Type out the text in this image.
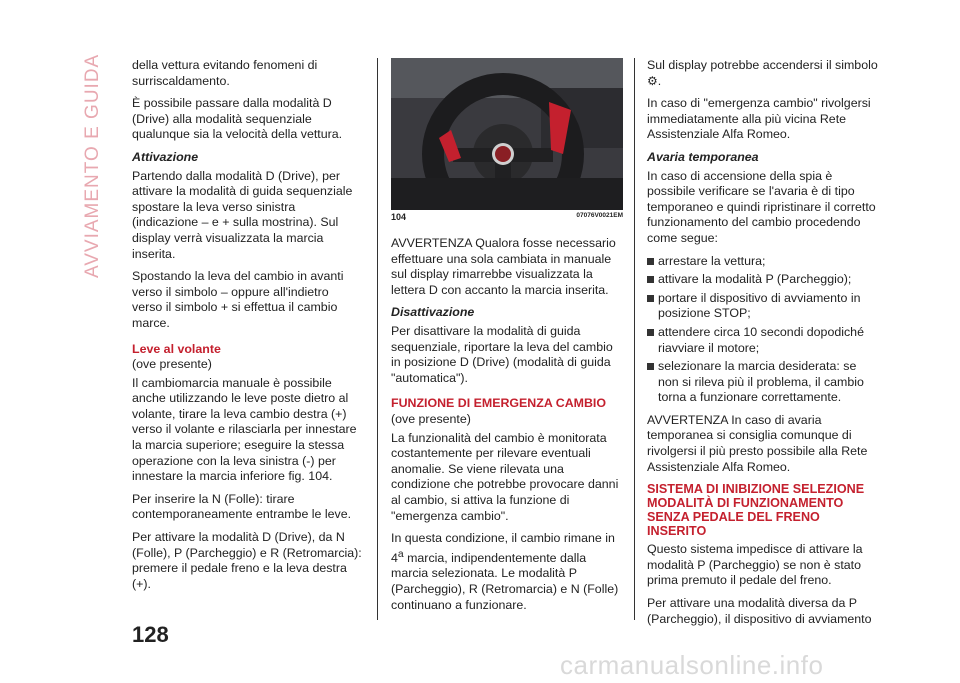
AVVIAMENTO E GUIDA della vettura evitando fenomeni di surriscaldamento.

È possibile passare dalla modalità D (Drive) alla modalità sequenziale qualunque sia la velocità della vettura.

Attivazione

Partendo dalla modalità D (Drive), per attivare la modalità di guida sequenziale spostare la leva verso sinistra (indicazione – e + sulla mostrina). Sul display verrà visualizzata la marcia inserita.

Spostando la leva del cambio in avanti verso il simbolo – oppure all'indietro verso il simbolo + si effettua il cambio marce.

Leve al volante

(ove presente)

Il cambiomarcia manuale è possibile anche utilizzando le leve poste dietro al volante, tirare la leva cambio destra (+) verso il volante e rilasciarla per innestare la marcia superiore; eseguire la stessa operazione con la leva sinistra (-) per innestare la marcia inferiore fig. 104.

Per inserire la N (Folle): tirare contemporaneamente entrambe le leve.

Per attivare la modalità D (Drive), da N (Folle), P (Parcheggio) e R (Retromarcia): premere il pedale freno e la leva destra (+).

104	07076V0021EM

AVVERTENZA Qualora fosse necessario effettuare una sola cambiata in manuale sul display rimarrebbe visualizzata la lettera D con accanto la marcia inserita.

Disattivazione

Per disattivare la modalità di guida sequenziale, riportare la leva del cambio in posizione D (Drive) (modalità di guida "automatica").

FUNZIONE DI EMERGENZA CAMBIO

(ove presente)

La funzionalità del cambio è monitorata costantemente per rilevare eventuali anomalie. Se viene rilevata una condizione che potrebbe provocare danni al cambio, si attiva la funzione di "emergenza cambio".

In questa condizione, il cambio rimane in 4$^a$ marcia, indipendentemente dalla marcia selezionata. Le modalità P (Parcheggio), R (Retromarcia) e N (Folle) continuano a funzionare.

Sul display potrebbe accendersi il simbolo ⚙.

In caso di "emergenza cambio" rivolgersi immediatamente alla più vicina Rete Assistenziale Alfa Romeo.

Avaria temporanea

In caso di accensione della spia è possibile verificare se l'avaria è di tipo temporaneo e quindi ripristinare il corretto funzionamento del cambio procedendo come segue:

arrestare la vettura;

attivare la modalità P (Parcheggio);

portare il dispositivo di avviamento in posizione STOP;

attendere circa 10 secondi dopodiché riavviare il motore;

selezionare la marcia desiderata: se non si rileva più il problema, il cambio torna a funzionare correttamente.

AVVERTENZA In caso di avaria temporanea si consiglia comunque di rivolgersi il più presto possibile alla Rete Assistenziale Alfa Romeo.

SISTEMA DI INIBIZIONE SELEZIONE MODALITÀ DI FUNZIONAMENTO SENZA PEDALE DEL FRENO INSERITO

Questo sistema impedisce di attivare la modalità P (Parcheggio) se non è stato prima premuto il pedale del freno.

Per attivare una modalità diversa da P (Parcheggio), il dispositivo di avviamento

128
carmanualsonline.info
